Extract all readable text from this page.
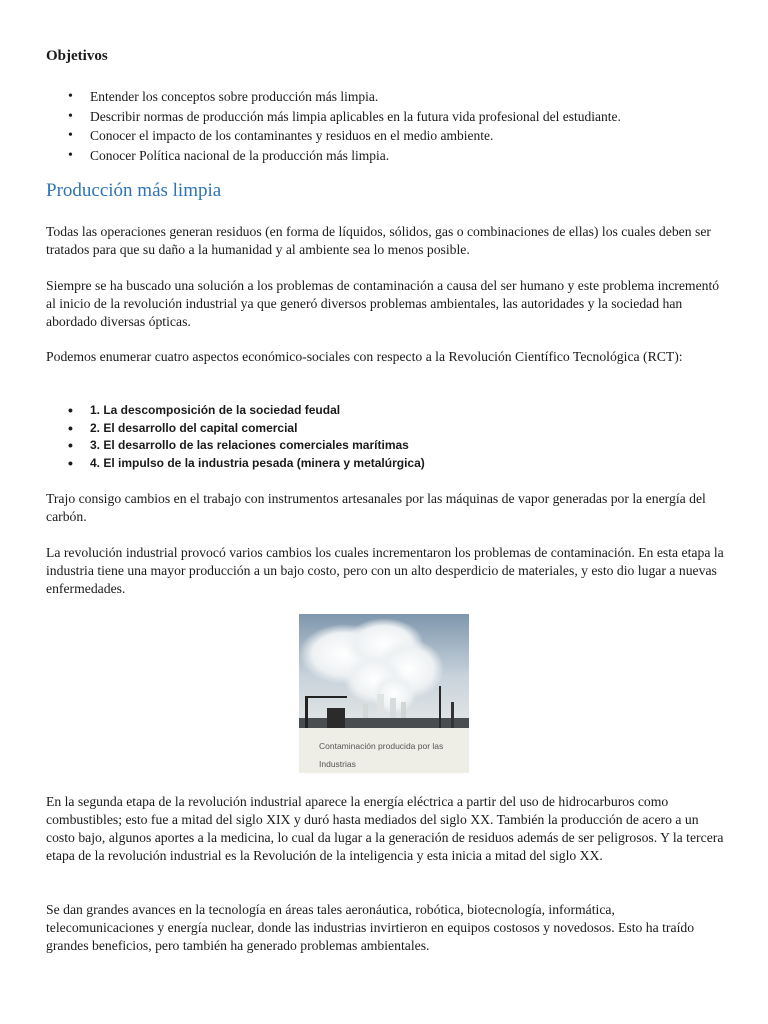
Objetivos
• Entender los conceptos sobre producción más limpia.
• Describir normas de producción más limpia aplicables en la futura vida profesional del estudiante.
• Conocer el impacto de los contaminantes y residuos en el medio ambiente.
• Conocer Política nacional de la producción más limpia.
Producción más limpia

Todas las operaciones generan residuos (en forma de líquidos, sólidos, gas o combinaciones de ellas) los cuales deben ser tratados para que su daño a la humanidad y al ambiente sea lo menos posible.

Siempre se ha buscado una solución a los problemas de contaminación a causa del ser humano y este problema incrementó al inicio de la revolución industrial ya que generó diversos problemas ambientales, las autoridades y la sociedad han abordado diversas ópticas.

Podemos enumerar cuatro aspectos económico-sociales con respecto a la Revolución Científico Tecnológica (RCT):

• 1. La descomposición de la sociedad feudal
• 2. El desarrollo del capital comercial
• 3. El desarrollo de las relaciones comerciales marítimas
• 4. El impulso de la industria pesada (minera y metalúrgica)

Trajo consigo cambios en el trabajo con instrumentos artesanales por las máquinas de vapor generadas por la energía del carbón.

La revolución industrial provocó varios cambios los cuales incrementaron los problemas de contaminación. En esta etapa la industria tiene una mayor producción a un bajo costo, pero con un alto desperdicio de materiales, y esto dio lugar a nuevas enfermedades.

Contaminación producida por las
Industrias

En la segunda etapa de la revolución industrial aparece la energía eléctrica a partir del uso de hidrocarburos como combustibles; esto fue a mitad del siglo XIX y duró hasta mediados del siglo XX. También la producción de acero a un costo bajo, algunos aportes a la medicina, lo cual da lugar a la generación de residuos además de ser peligrosos. Y la tercera etapa de la revolución industrial es la Revolución de la inteligencia y esta inicia a mitad del siglo XX.

Se dan grandes avances en la tecnología en áreas tales aeronáutica, robótica, biotecnología, informática, telecomunicaciones y energía nuclear, donde las industrias invirtieron en equipos costosos y novedosos. Esto ha traído grandes beneficios, pero también ha generado problemas ambientales.
